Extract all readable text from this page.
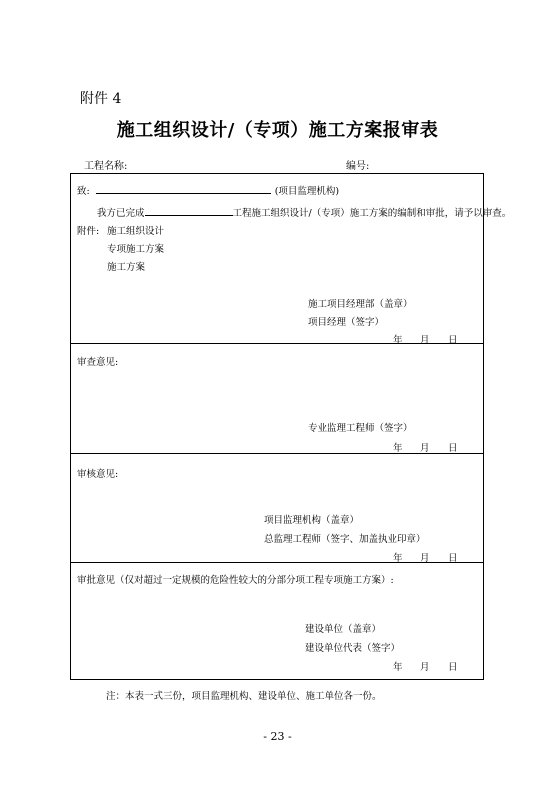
附件 4
施工组织设计/（专项）施工方案报审表
工程名称:	编号:
致:	(项目监理机构)
我方已完成	工程施工组织设计/（专项）施工方案的编制和审批，请予以审查。
附件: 施工组织设计
专项施工方案
施工方案
施工项目经理部（盖章）
项目经理（签字）
年 月 日
审查意见:
专业监理工程师（签字）
年 月 日
审核意见:
项目监理机构（盖章）
总监理工程师（签字、加盖执业印章）
年 月 日
审批意见（仅对超过一定规模的危险性较大的分部分项工程专项施工方案）:
建设单位（盖章）
建设单位代表（签字）
年 月 日
注：本表一式三份，项目监理机构、建设单位、施工单位各一份。
- 23 -
